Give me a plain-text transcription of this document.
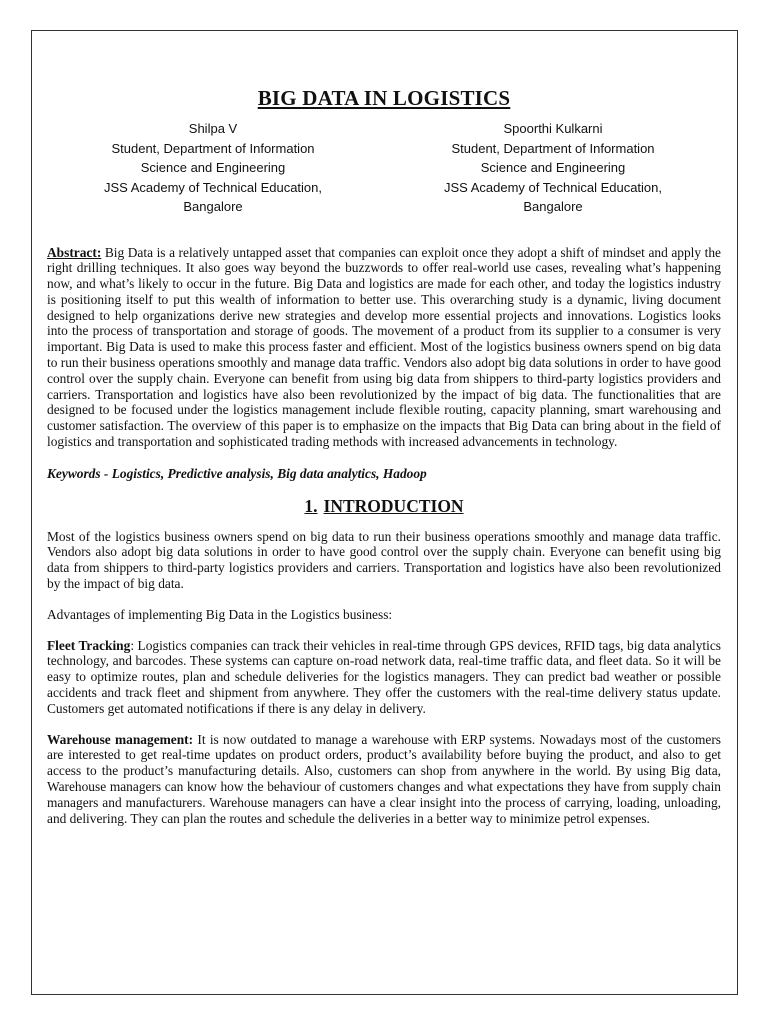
BIG DATA IN LOGISTICS
Shilpa V
Student, Department of Information
Science and Engineering
JSS Academy of Technical Education,
Bangalore
Spoorthi Kulkarni
Student, Department of Information
Science and Engineering
JSS Academy of Technical Education,
Bangalore

Abstract: Big Data is a relatively untapped asset that companies can exploit once they adopt a shift of mindset and apply the right drilling techniques. It also goes way beyond the buzzwords to offer real-world use cases, revealing what’s happening now, and what’s likely to occur in the future. Big Data and logistics are made for each other, and today the logistics industry is positioning itself to put this wealth of information to better use. This overarching study is a dynamic, living document designed to help organizations derive new strategies and develop more essential projects and innovations. Logistics looks into the process of transportation and storage of goods. The movement of a product from its supplier to a consumer is very important. Big Data is used to make this process faster and efficient. Most of the logistics business owners spend on big data to run their business operations smoothly and manage data traffic. Vendors also adopt big data solutions in order to have good control over the supply chain. Everyone can benefit from using big data from shippers to third-party logistics providers and carriers. Transportation and logistics have also been revolutionized by the impact of big data. The functionalities that are designed to be focused under the logistics management include flexible routing, capacity planning, smart warehousing and customer satisfaction. The overview of this paper is to emphasize on the impacts that Big Data can bring about in the field of logistics and transportation and sophisticated trading methods with increased advancements in technology.

Keywords - Logistics, Predictive analysis, Big data analytics, Hadoop

1. INTRODUCTION

Most of the logistics business owners spend on big data to run their business operations smoothly and manage data traffic. Vendors also adopt big data solutions in order to have good control over the supply chain. Everyone can benefit using big data from shippers to third-party logistics providers and carriers. Transportation and logistics have also been revolutionized by the impact of big data.

Advantages of implementing Big Data in the Logistics business:

Fleet Tracking: Logistics companies can track their vehicles in real-time through GPS devices, RFID tags, big data analytics technology, and barcodes. These systems can capture on-road network data, real-time traffic data, and fleet data. So it will be easy to optimize routes, plan and schedule deliveries for the logistics managers. They can predict bad weather or possible accidents and track fleet and shipment from anywhere. They offer the customers with the real-time delivery status update. Customers get automated notifications if there is any delay in delivery.

Warehouse management: It is now outdated to manage a warehouse with ERP systems. Nowadays most of the customers are interested to get real-time updates on product orders, product’s availability before buying the product, and also to get access to the product’s manufacturing details. Also, customers can shop from anywhere in the world. By using Big data, Warehouse managers can know how the behaviour of customers changes and what expectations they have from supply chain managers and manufacturers. Warehouse managers can have a clear insight into the process of carrying, loading, unloading, and delivering. They can plan the routes and schedule the deliveries in a better way to minimize petrol expenses.
